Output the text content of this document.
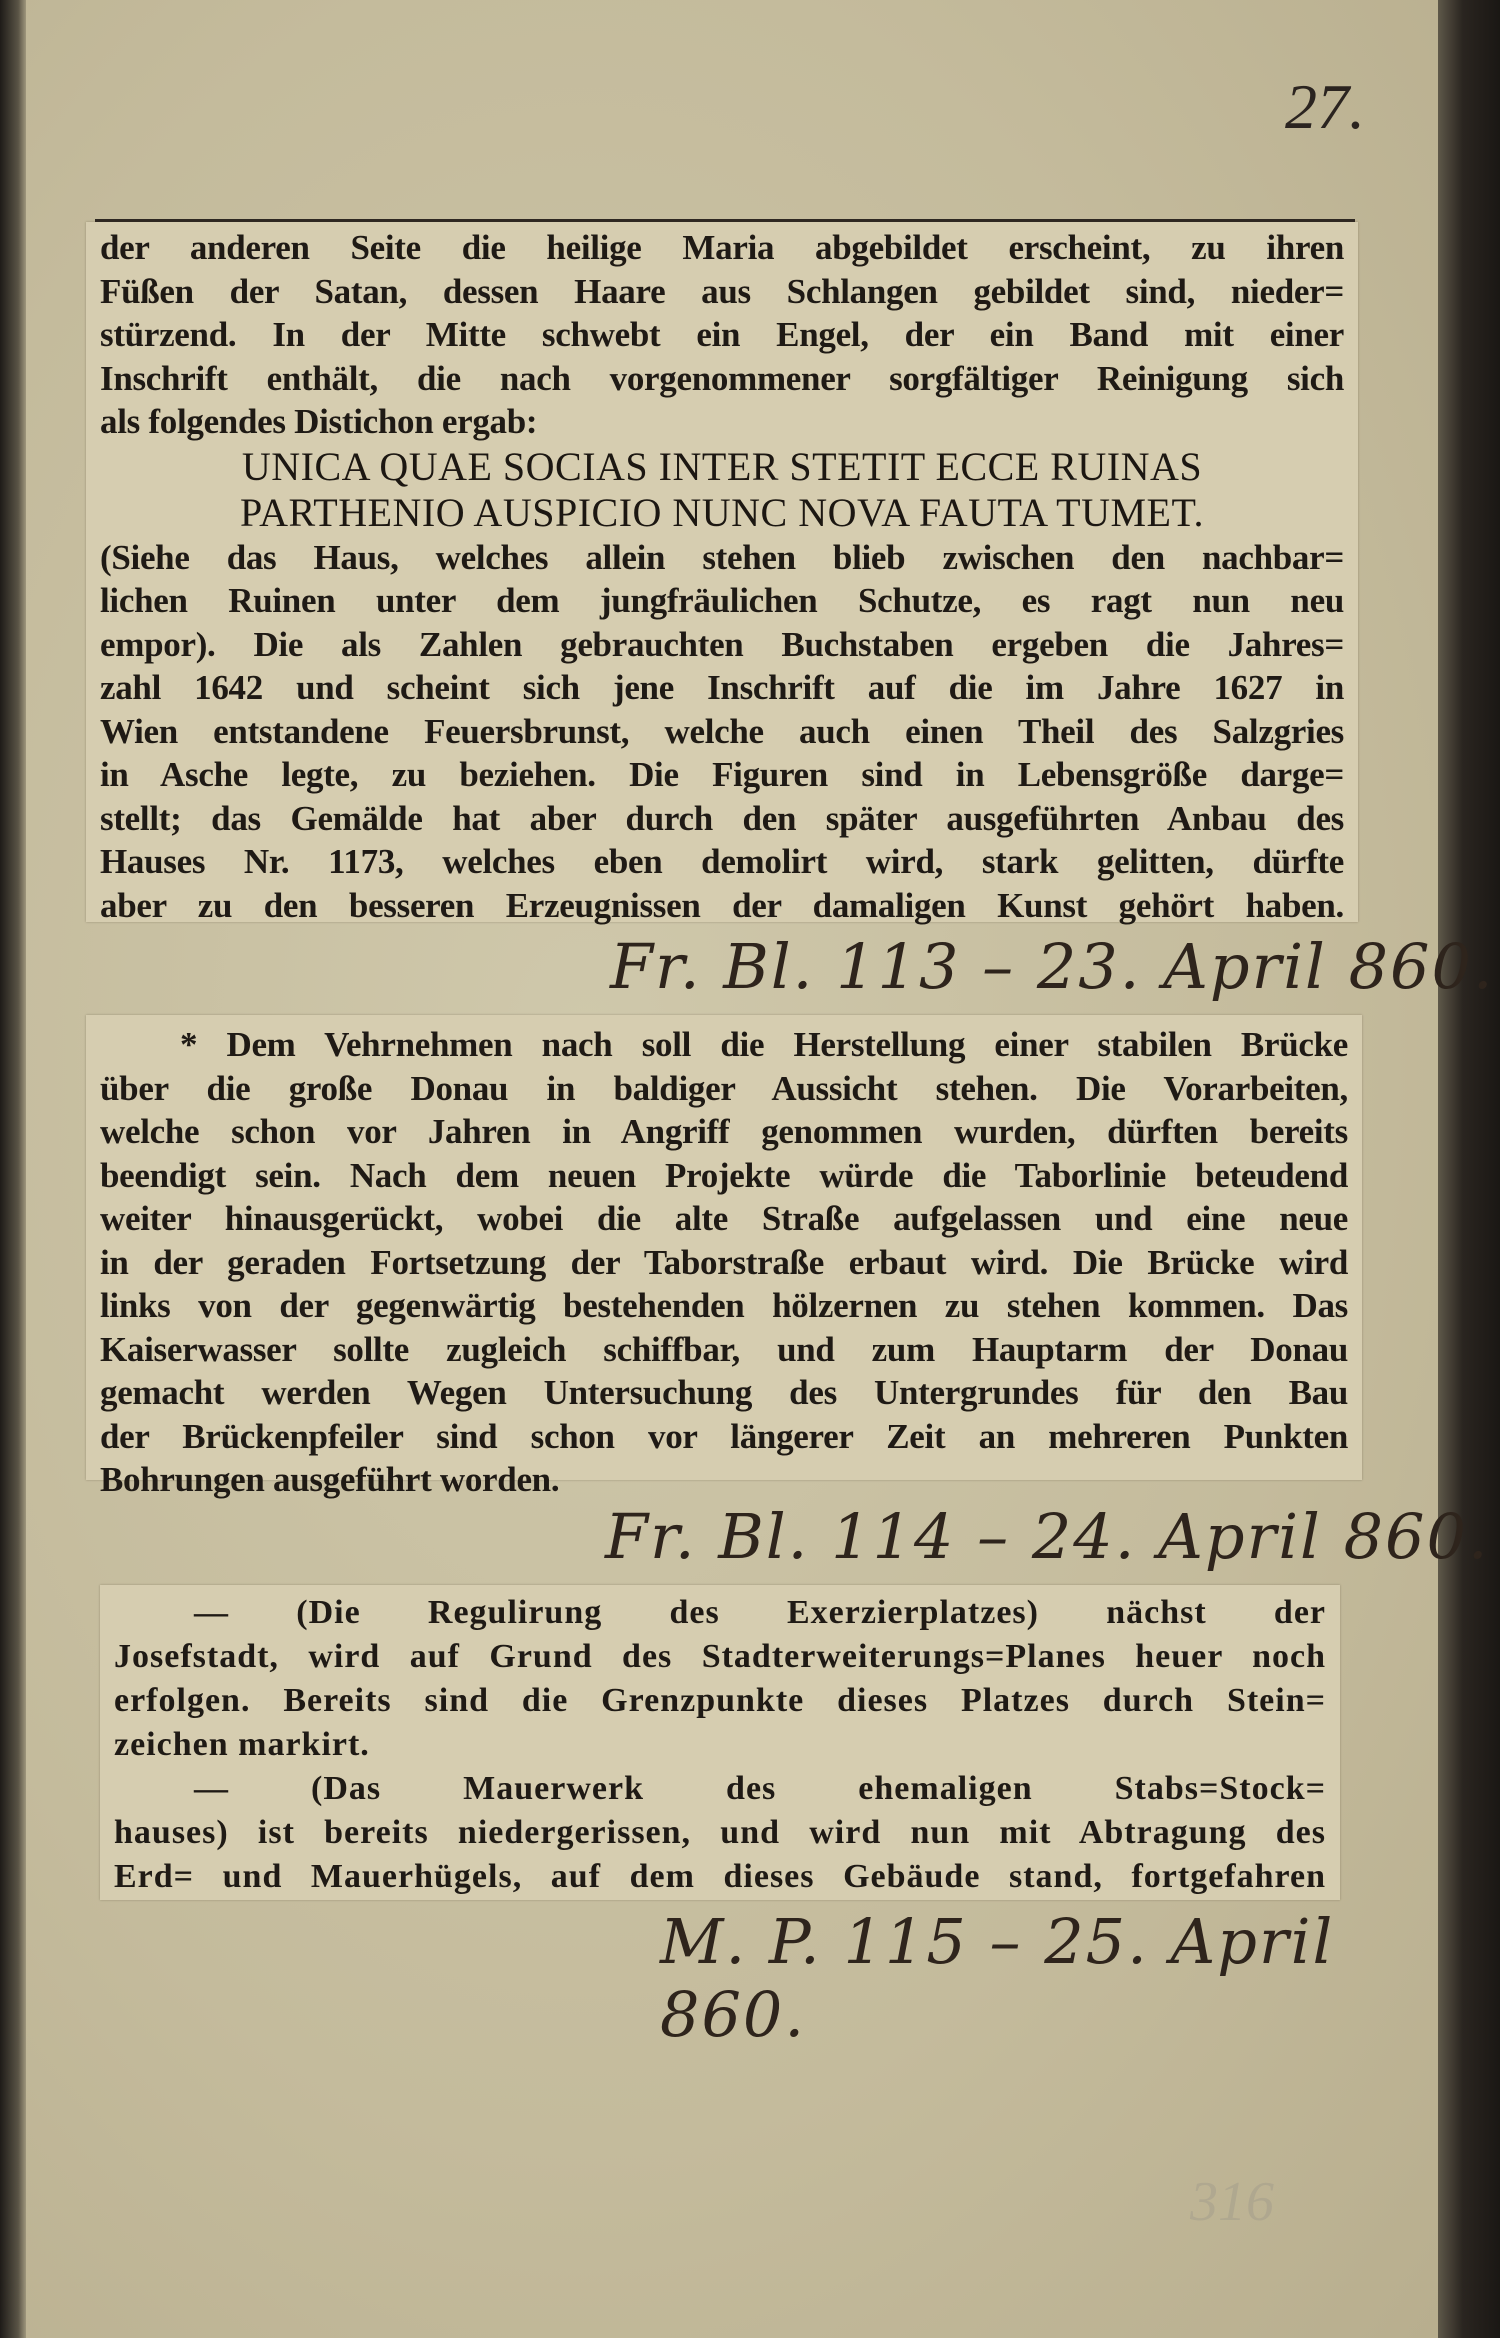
27.
der anderen Seite die heilige Maria abgebildet erscheint, zu ihren
Füßen der Satan, dessen Haare aus Schlangen gebildet sind, nieder=
stürzend. In der Mitte schwebt ein Engel, der ein Band mit einer
Inschrift enthält, die nach vorgenommener sorgfältiger Reinigung sich
als folgendes Distichon ergab:
UNICA QUAE SOCIAS INTER STETIT ECCE RUINAS
PARTHENIO AUSPICIO NUNC NOVA FAUTA TUMET.
(Siehe das Haus, welches allein stehen blieb zwischen den nachbar=
lichen Ruinen unter dem jungfräulichen Schutze, es ragt nun neu
empor). Die als Zahlen gebrauchten Buchstaben ergeben die Jahres=
zahl 1642 und scheint sich jene Inschrift auf die im Jahre 1627 in
Wien entstandene Feuersbrunst, welche auch einen Theil des Salzgries
in Asche legte, zu beziehen. Die Figuren sind in Lebensgröße darge=
stellt; das Gemälde hat aber durch den später ausgeführten Anbau des
Hauses Nr. 1173, welches eben demolirt wird, stark gelitten, dürfte
aber zu den besseren Erzeugnissen der damaligen Kunst gehört haben.
Fr. Bl. 113 – 23. April 860.
* Dem Vehrnehmen nach soll die Herstellung einer stabilen Brücke
über die große Donau in baldiger Aussicht stehen. Die Vorarbeiten,
welche schon vor Jahren in Angriff genommen wurden, dürften bereits
beendigt sein. Nach dem neuen Projekte würde die Taborlinie beteudend
weiter hinausgerückt, wobei die alte Straße aufgelassen und eine neue
in der geraden Fortsetzung der Taborstraße erbaut wird. Die Brücke wird
links von der gegenwärtig bestehenden hölzernen zu stehen kommen. Das
Kaiserwasser sollte zugleich schiffbar, und zum Hauptarm der Donau
gemacht werden Wegen Untersuchung des Untergrundes für den Bau
der Brückenpfeiler sind schon vor längerer Zeit an mehreren Punkten
Bohrungen ausgeführt worden.
Fr. Bl. 114 – 24. April 860.
— (Die Regulirung des Exerzierplatzes) nächst der
Josefstadt, wird auf Grund des Stadterweiterungs=Planes heuer noch
erfolgen. Bereits sind die Grenzpunkte dieses Platzes durch Stein=
zeichen markirt.
— (Das Mauerwerk des ehemaligen Stabs=Stock=
hauses) ist bereits niedergerissen, und wird nun mit Abtragung des
Erd= und Mauerhügels, auf dem dieses Gebäude stand, fortgefahren
M. P. 115 – 25. April 860.
316
